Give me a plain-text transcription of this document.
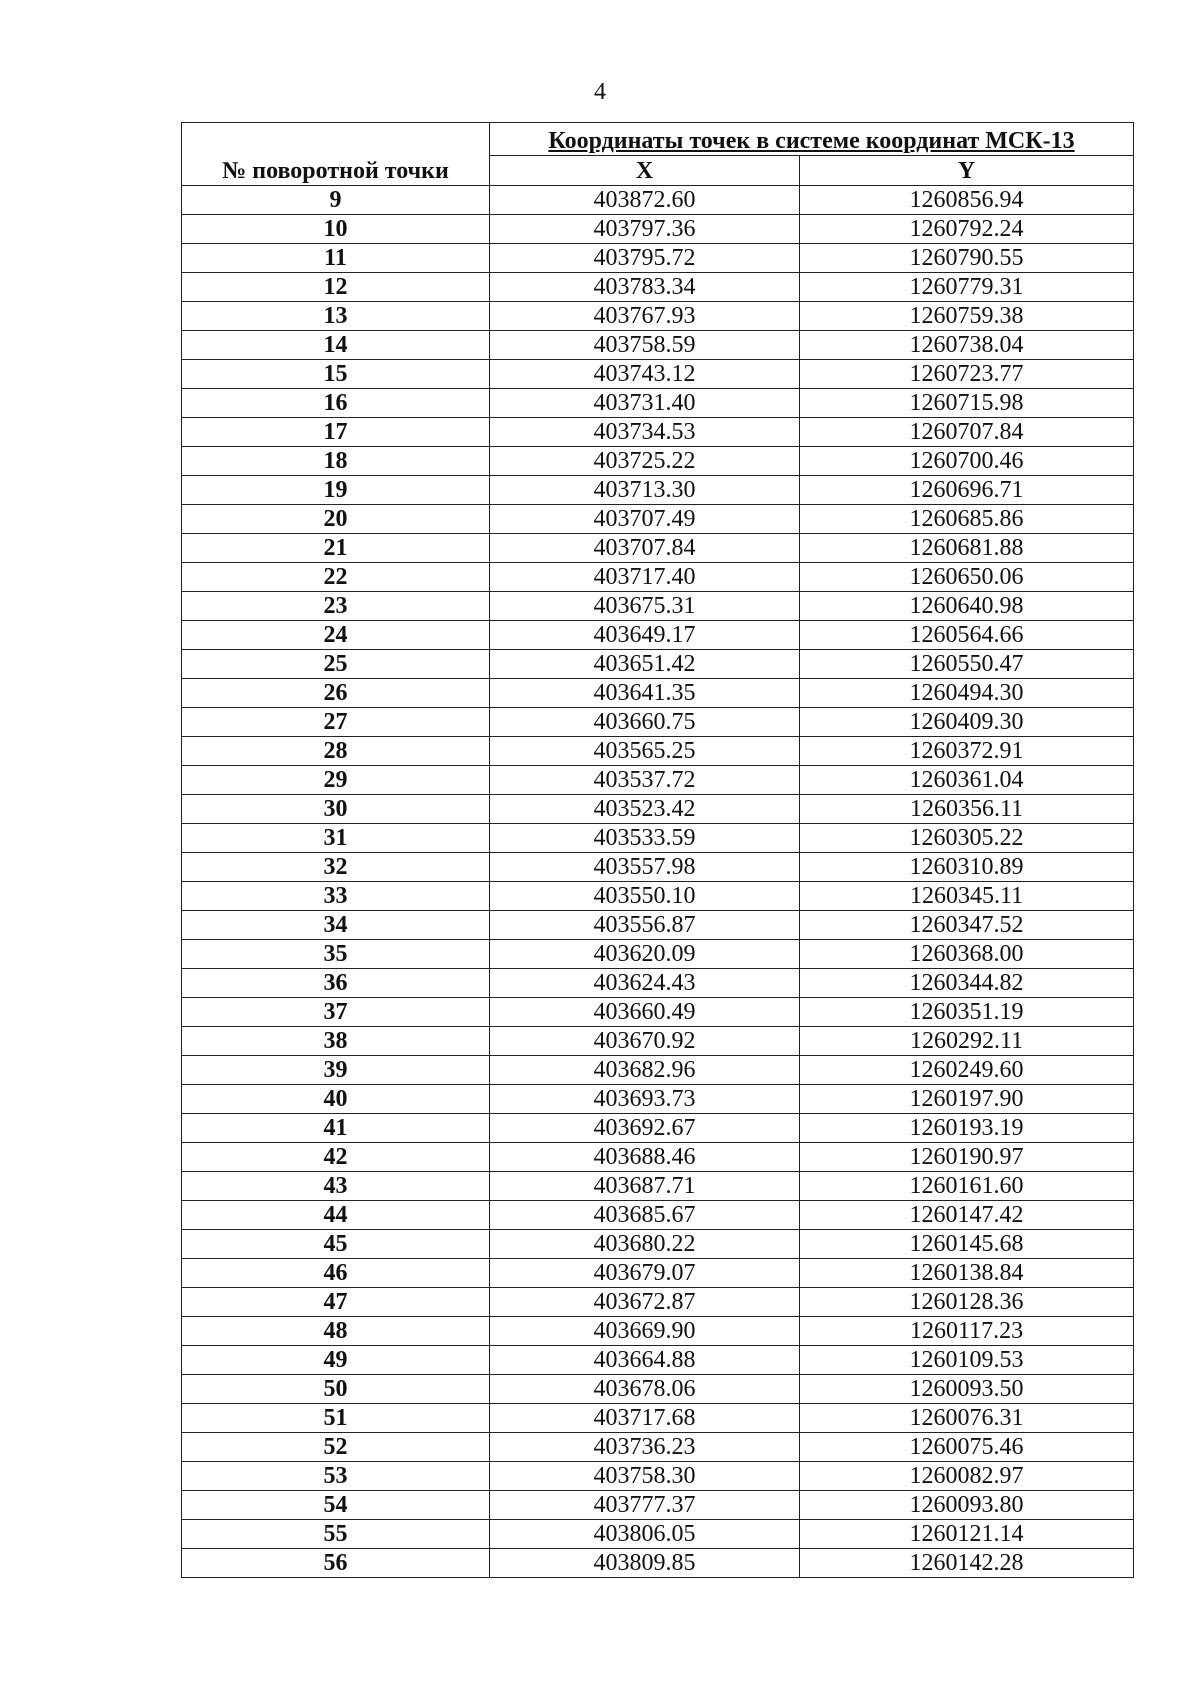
4
№ поворотной точки	Координаты точек в системе координат МСК-13	
	X	Y
9	403872.60	1260856.94
10	403797.36	1260792.24
11	403795.72	1260790.55
12	403783.34	1260779.31
13	403767.93	1260759.38
14	403758.59	1260738.04
15	403743.12	1260723.77
16	403731.40	1260715.98
17	403734.53	1260707.84
18	403725.22	1260700.46
19	403713.30	1260696.71
20	403707.49	1260685.86
21	403707.84	1260681.88
22	403717.40	1260650.06
23	403675.31	1260640.98
24	403649.17	1260564.66
25	403651.42	1260550.47
26	403641.35	1260494.30
27	403660.75	1260409.30
28	403565.25	1260372.91
29	403537.72	1260361.04
30	403523.42	1260356.11
31	403533.59	1260305.22
32	403557.98	1260310.89
33	403550.10	1260345.11
34	403556.87	1260347.52
35	403620.09	1260368.00
36	403624.43	1260344.82
37	403660.49	1260351.19
38	403670.92	1260292.11
39	403682.96	1260249.60
40	403693.73	1260197.90
41	403692.67	1260193.19
42	403688.46	1260190.97
43	403687.71	1260161.60
44	403685.67	1260147.42
45	403680.22	1260145.68
46	403679.07	1260138.84
47	403672.87	1260128.36
48	403669.90	1260117.23
49	403664.88	1260109.53
50	403678.06	1260093.50
51	403717.68	1260076.31
52	403736.23	1260075.46
53	403758.30	1260082.97
54	403777.37	1260093.80
55	403806.05	1260121.14
56	403809.85	1260142.28
